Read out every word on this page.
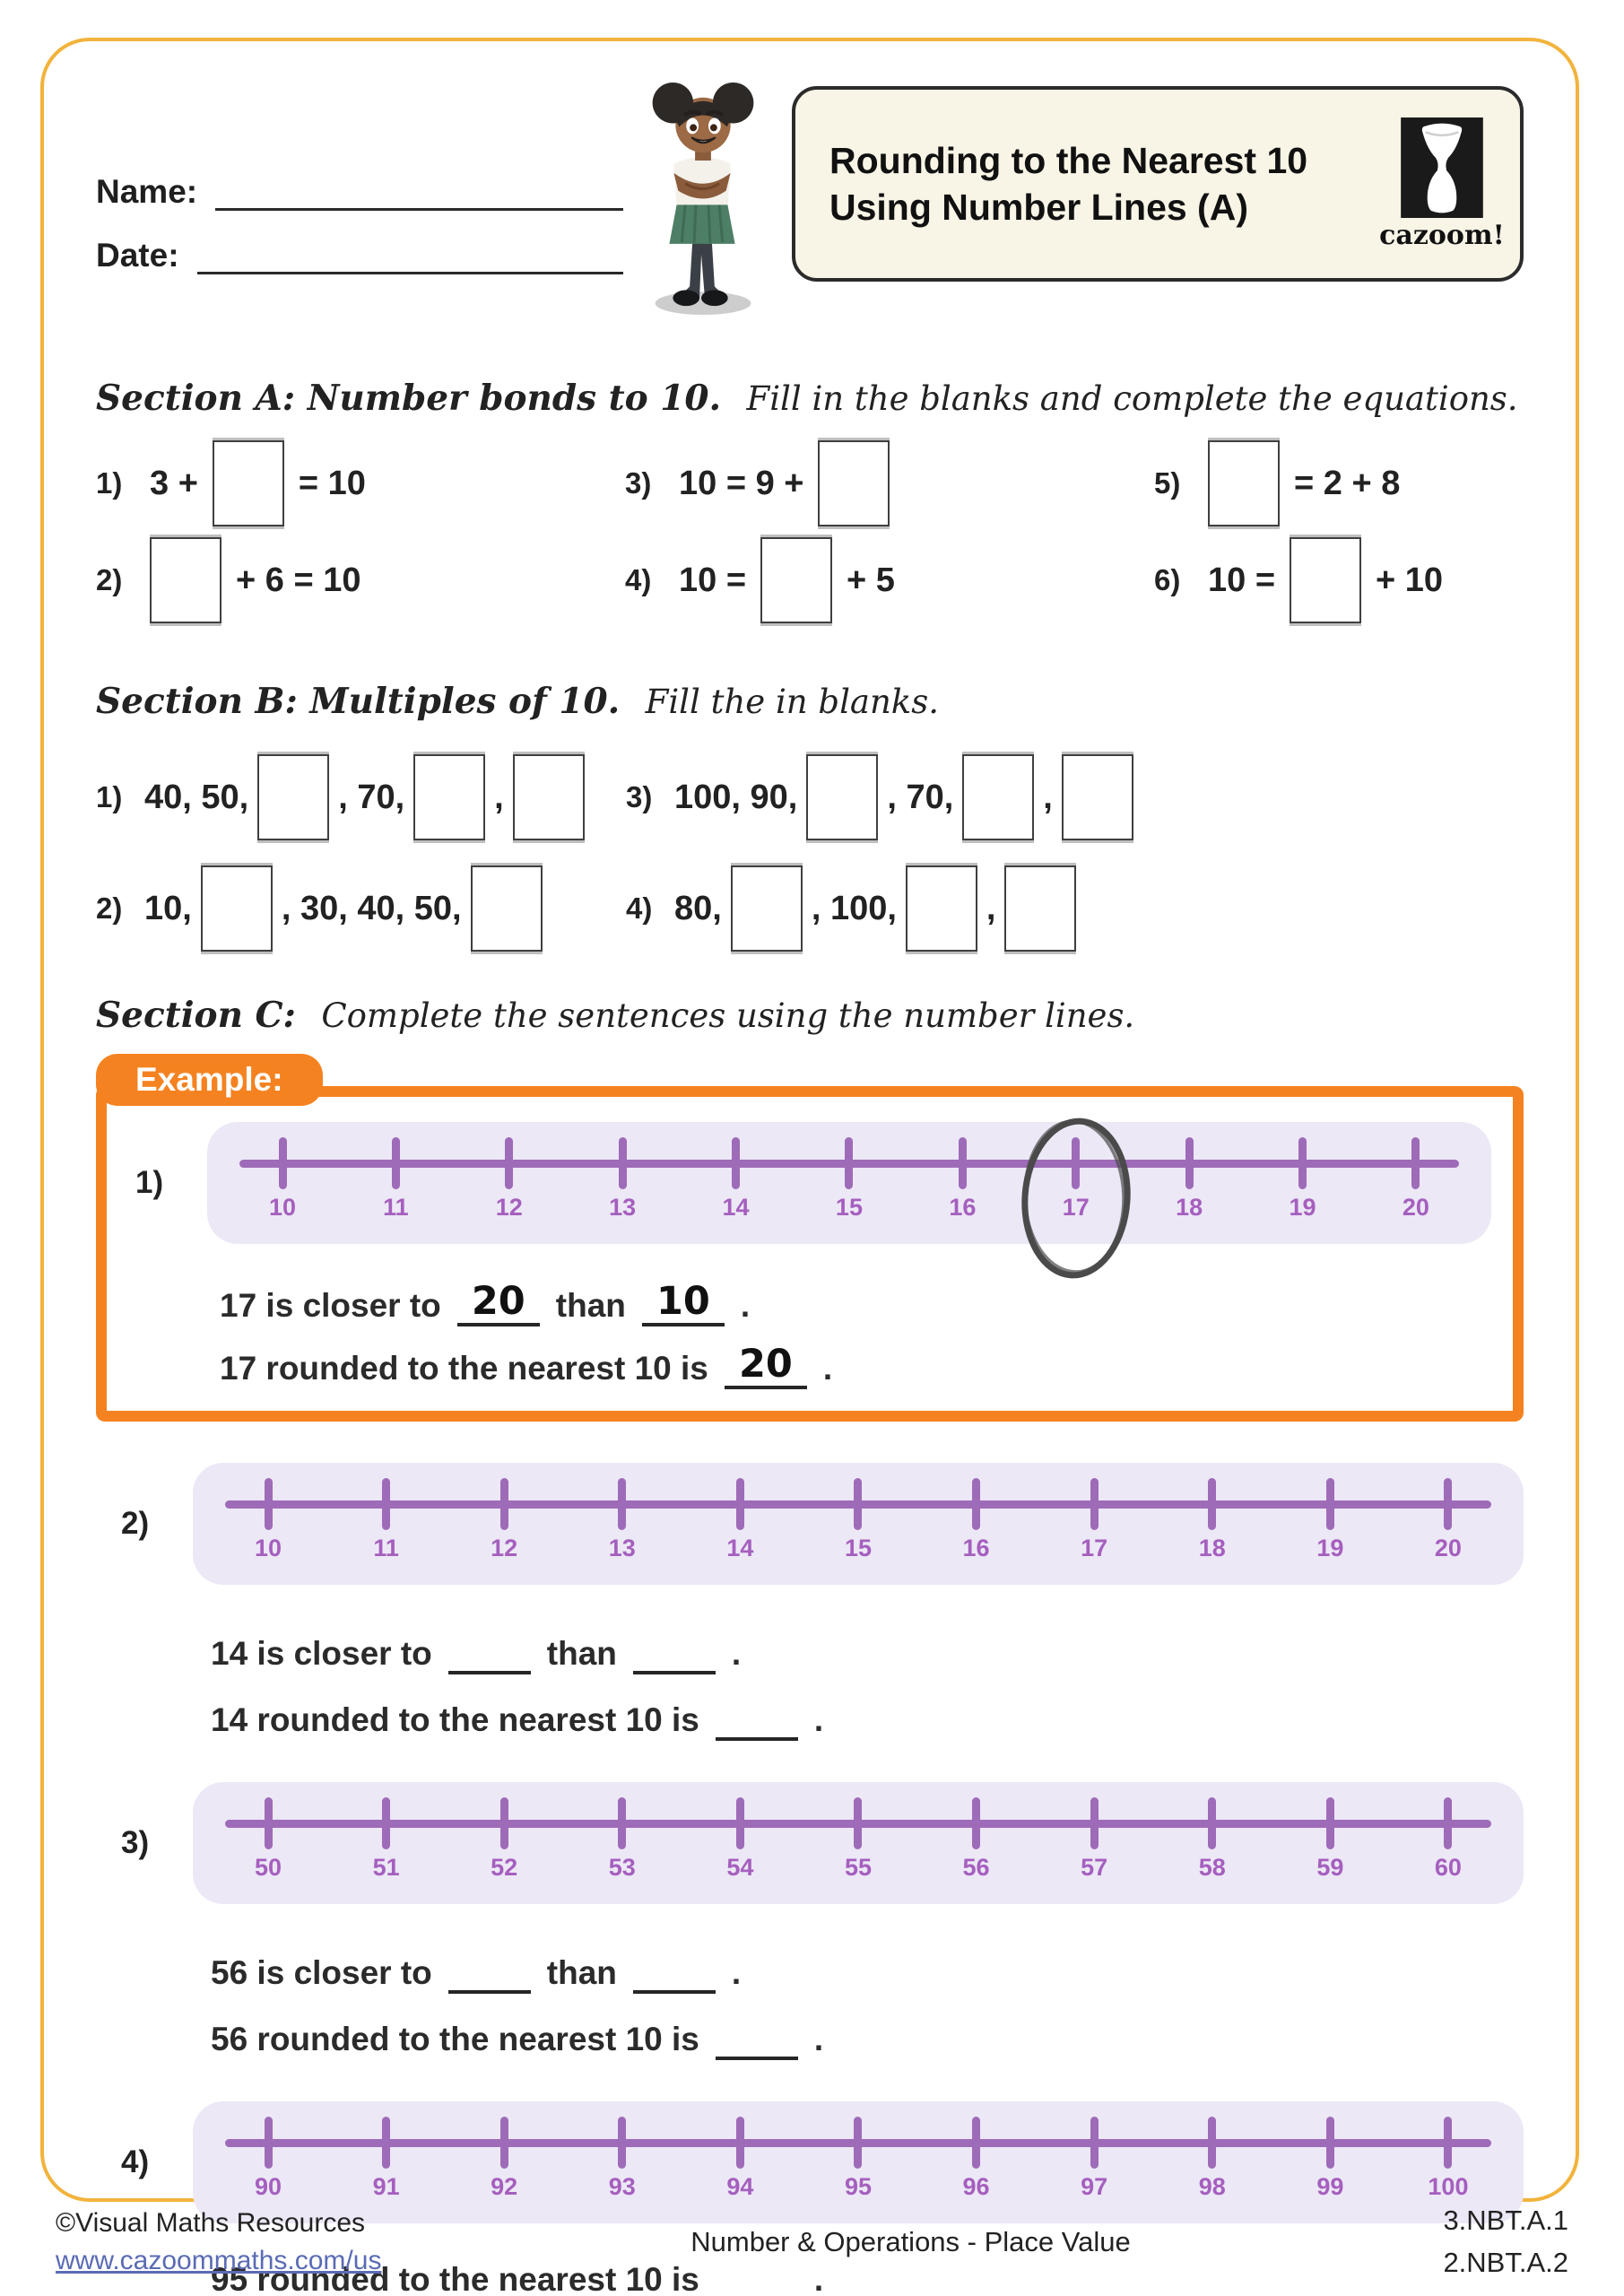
Name:
Date:
Rounding to the Nearest 10
Using Number Lines (A)
cazoom!
Section A: Number bonds to 10. Fill in the blanks and complete the equations.
1) 3 +	= 10	3) 10 = 9 +	5)	= 2 + 8
2)	+ 6 = 10	4) 10 =	+ 5	6) 10 =	+ 10
Section B: Multiples of 10. Fill the in blanks.
1) 40, 50,	, 70,	,	3) 100, 90,	, 70,	,
2) 10,	, 30, 40, 50,	4) 80,	, 100,	,
Section C: Complete the sentences using the number lines.
Example:
1)
10	11	12	13	14	15	16	17	18	19	20
17 is closer to 20 than 10 .
17 rounded to the nearest 10 is 20 .
2)
10	11	12	13	14	15	16	17	18	19	20
14 is closer to	than	.
14 rounded to the nearest 10 is	.
3)
50	51	52	53	54	55	56	57	58	59	60
56 is closer to	than	.
56 rounded to the nearest 10 is	.
4)
90	91	92	93	94	95	96	97	98	99	100
95 rounded to the nearest 10 is	.
©Visual Maths Resources
www.cazoommaths.com/us
Number & Operations - Place Value
3.NBT.A.1
2.NBT.A.2
